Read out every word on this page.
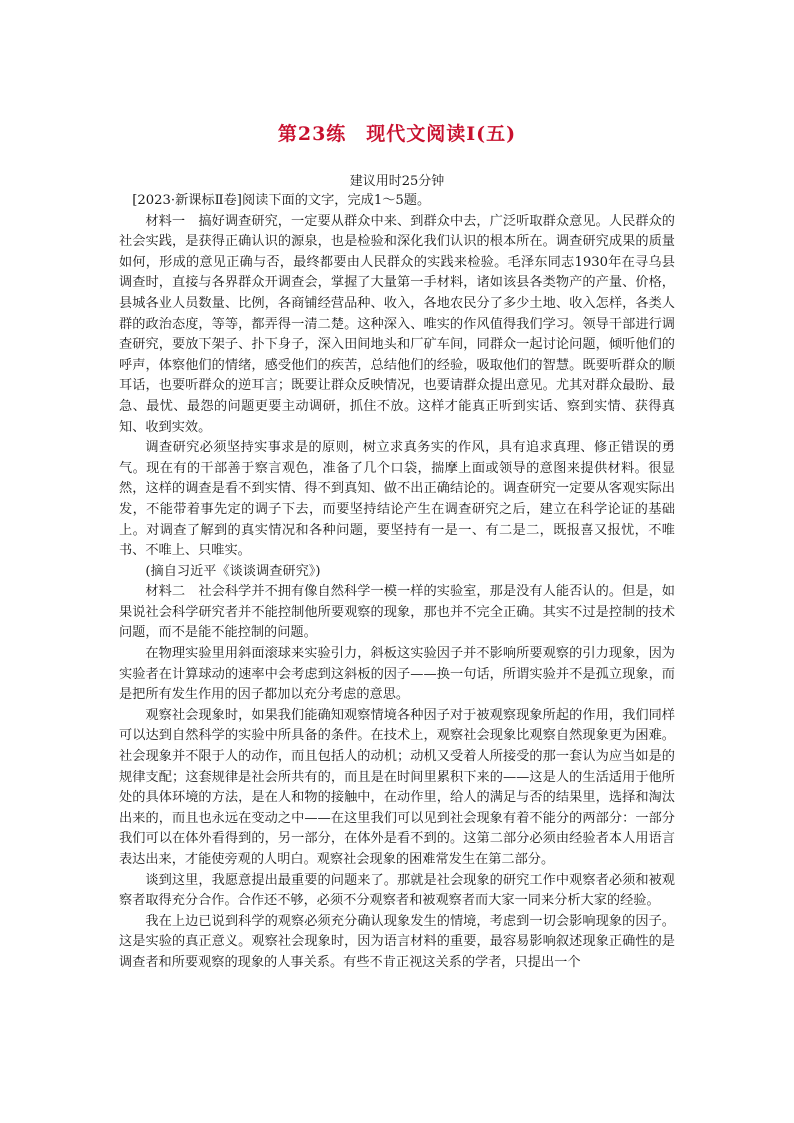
第23练　现代文阅读Ⅰ(五)
建议用时25分钟

[2023·新课标Ⅱ卷]阅读下面的文字，完成1～5题。

材料一　搞好调查研究，一定要从群众中来、到群众中去，广泛听取群众意见。人民群众的社会实践，是获得正确认识的源泉，也是检验和深化我们认识的根本所在。调查研究成果的质量如何，形成的意见正确与否，最终都要由人民群众的实践来检验。毛泽东同志1930年在寻乌县调查时，直接与各界群众开调查会，掌握了大量第一手材料，诸如该县各类物产的产量、价格，县城各业人员数量、比例，各商铺经营品种、收入，各地农民分了多少土地、收入怎样，各类人群的政治态度，等等，都弄得一清二楚。这种深入、唯实的作风值得我们学习。领导干部进行调查研究，要放下架子、扑下身子，深入田间地头和厂矿车间，同群众一起讨论问题，倾听他们的呼声，体察他们的情绪，感受他们的疾苦，总结他们的经验，吸取他们的智慧。既要听群众的顺耳话，也要听群众的逆耳言；既要让群众反映情况，也要请群众提出意见。尤其对群众最盼、最急、最忧、最怨的问题更要主动调研，抓住不放。这样才能真正听到实话、察到实情、获得真知、收到实效。

调查研究必须坚持实事求是的原则，树立求真务实的作风，具有追求真理、修正错误的勇气。现在有的干部善于察言观色，准备了几个口袋，揣摩上面或领导的意图来提供材料。很显然，这样的调查是看不到实情、得不到真知、做不出正确结论的。调查研究一定要从客观实际出发，不能带着事先定的调子下去，而要坚持结论产生在调查研究之后，建立在科学论证的基础上。对调查了解到的真实情况和各种问题，要坚持有一是一、有二是二，既报喜又报忧，不唯书、不唯上、只唯实。

(摘自习近平《谈谈调查研究》)

材料二　社会科学并不拥有像自然科学一模一样的实验室，那是没有人能否认的。但是，如果说社会科学研究者并不能控制他所要观察的现象，那也并不完全正确。其实不过是控制的技术问题，而不是能不能控制的问题。

在物理实验里用斜面滚球来实验引力，斜板这实验因子并不影响所要观察的引力现象，因为实验者在计算球动的速率中会考虑到这斜板的因子——换一句话，所谓实验并不是孤立现象，而是把所有发生作用的因子都加以充分考虑的意思。

观察社会现象时，如果我们能确知观察情境各种因子对于被观察现象所起的作用，我们同样可以达到自然科学的实验中所具备的条件。在技术上，观察社会现象比观察自然现象更为困难。社会现象并不限于人的动作，而且包括人的动机；动机又受着人所接受的那一套认为应当如是的规律支配；这套规律是社会所共有的，而且是在时间里累积下来的——这是人的生活适用于他所处的具体环境的方法，是在人和物的接触中，在动作里，给人的满足与否的结果里，选择和淘汰出来的，而且也永远在变动之中——在这里我们可以见到社会现象有着不能分的两部分：一部分我们可以在体外看得到的，另一部分，在体外是看不到的。这第二部分必须由经验者本人用语言表达出来，才能使旁观的人明白。观察社会现象的困难常发生在第二部分。

谈到这里，我愿意提出最重要的问题来了。那就是社会现象的研究工作中观察者必须和被观察者取得充分合作。合作还不够，必须不分观察者和被观察者而大家一同来分析大家的经验。

我在上边已说到科学的观察必须充分确认现象发生的情境，考虑到一切会影响现象的因子。这是实验的真正意义。观察社会现象时，因为语言材料的重要，最容易影响叙述现象正确性的是调查者和所要观察的现象的人事关系。有些不肯正视这关系的学者，只提出一个
